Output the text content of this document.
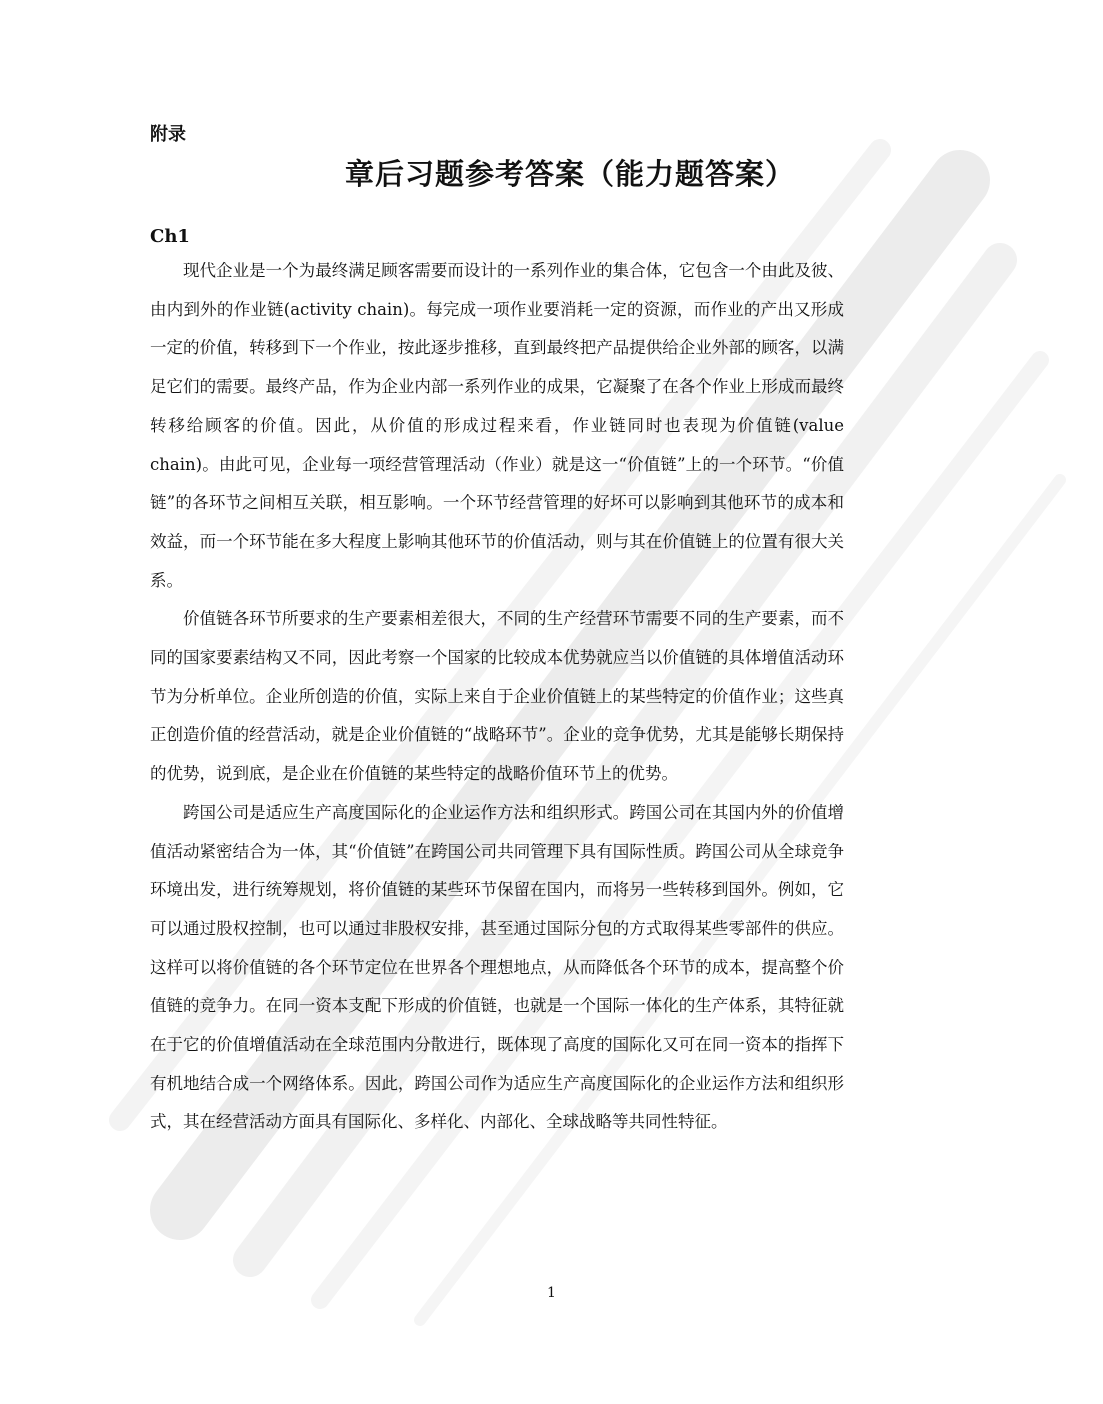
附录
章后习题参考答案（能力题答案）
Ch1

现代企业是一个为最终满足顾客需要而设计的一系列作业的集合体，它包含一个由此及彼、由内到外的作业链(activity chain)。每完成一项作业要消耗一定的资源，而作业的产出又形成一定的价值，转移到下一个作业，按此逐步推移，直到最终把产品提供给企业外部的顾客，以满足它们的需要。最终产品，作为企业内部一系列作业的成果，它凝聚了在各个作业上形成而最终转移给顾客的价值。因此，从价值的形成过程来看，作业链同时也表现为价值链(value chain)。由此可见，企业每一项经营管理活动（作业）就是这一“价值链”上的一个环节。“价值链”的各环节之间相互关联，相互影响。一个环节经营管理的好坏可以影响到其他环节的成本和效益，而一个环节能在多大程度上影响其他环节的价值活动，则与其在价值链上的位置有很大关系。

价值链各环节所要求的生产要素相差很大，不同的生产经营环节需要不同的生产要素，而不同的国家要素结构又不同，因此考察一个国家的比较成本优势就应当以价值链的具体增值活动环节为分析单位。企业所创造的价值，实际上来自于企业价值链上的某些特定的价值作业；这些真正创造价值的经营活动，就是企业价值链的“战略环节”。企业的竞争优势，尤其是能够长期保持的优势，说到底，是企业在价值链的某些特定的战略价值环节上的优势。

跨国公司是适应生产高度国际化的企业运作方法和组织形式。跨国公司在其国内外的价值增值活动紧密结合为一体，其“价值链”在跨国公司共同管理下具有国际性质。跨国公司从全球竞争环境出发，进行统筹规划，将价值链的某些环节保留在国内，而将另一些转移到国外。例如，它可以通过股权控制，也可以通过非股权安排，甚至通过国际分包的方式取得某些零部件的供应。这样可以将价值链的各个环节定位在世界各个理想地点，从而降低各个环节的成本，提高整个价值链的竞争力。在同一资本支配下形成的价值链，也就是一个国际一体化的生产体系，其特征就在于它的价值增值活动在全球范围内分散进行，既体现了高度的国际化又可在同一资本的指挥下有机地结合成一个网络体系。因此，跨国公司作为适应生产高度国际化的企业运作方法和组织形式，其在经营活动方面具有国际化、多样化、内部化、全球战略等共同性特征。

1
